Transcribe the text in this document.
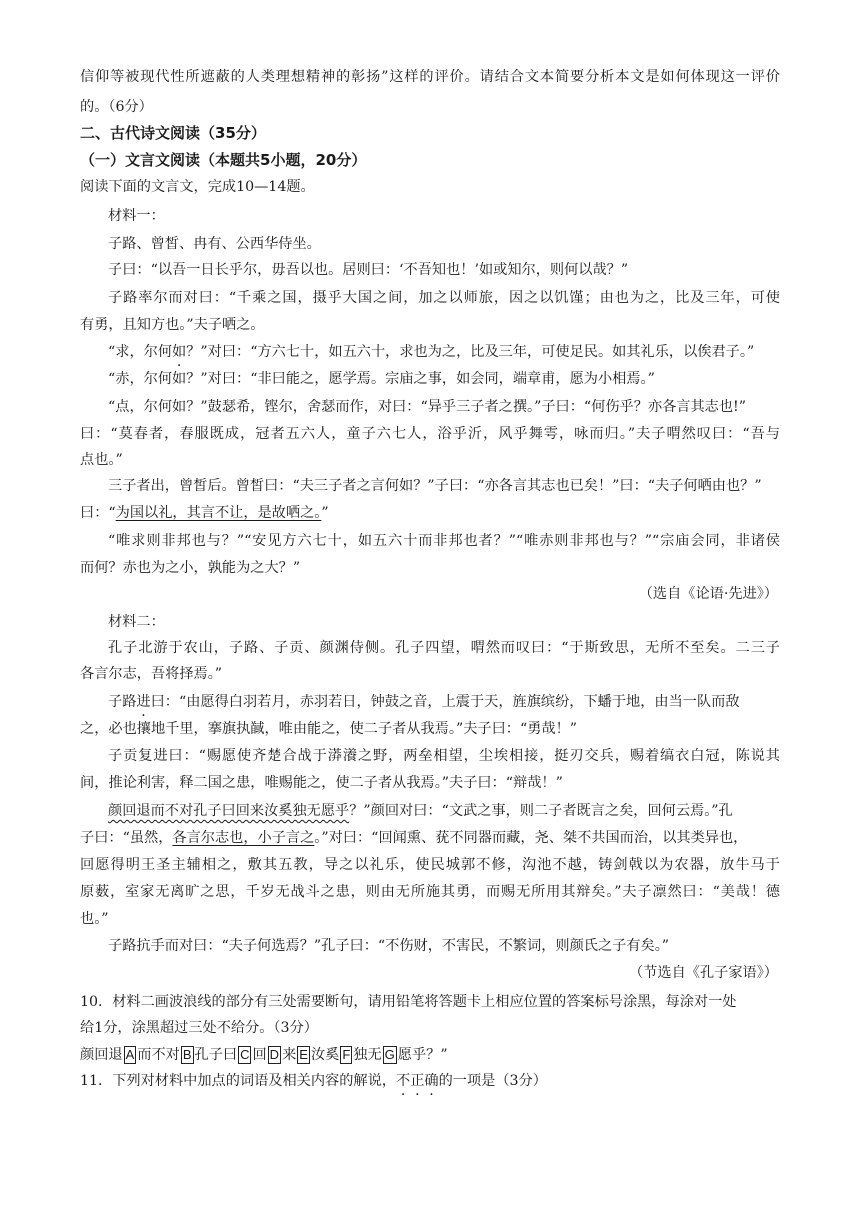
信仰等被现代性所遮蔽的人类理想精神的彰扬”这样的评价。请结合文本简要分析本文是如何体现这一评价
的。（6分）
二、古代诗文阅读（35分）
（一）文言文阅读（本题共5小题，20分）
阅读下面的文言文，完成10—14题。
材料一：
子路、曾皙、冉有、公西华侍坐。
子曰：“以吾一日长乎尔，毋吾以也。居则曰：‘不吾知也！’如或知尔，则何以哉？”
子路率尔而对曰：“千乘之国，摄乎大国之间，加之以师旅，因之以饥馑；由也为之，比及三年，可使
有勇，且知方也。”夫子哂之。
“求，尔何如？”对曰：“方六七十，如五六十，求也为之，比及三年，可使足民。如其礼乐，以俟君子。”
“赤，尔何如？”对曰：“非曰能之，愿学焉。宗庙之事，如会同，端章甫，愿为小相焉。”
“点，尔何如？”鼓瑟希，铿尔，舍瑟而作，对曰：“异乎三子者之撰。”子曰：“何伤乎？亦各言其志也!”
曰：“莫春者，春服既成，冠者五六人，童子六七人，浴乎沂，风乎舞雩，咏而归。”夫子喟然叹曰：“吾与
点也。”
三子者出，曾皙后。曾皙曰：“夫三子者之言何如？”子曰：“亦各言其志也已矣！”曰：“夫子何哂由也？”
曰：“为国以礼，其言不让，是故哂之。”
“唯求则非邦也与？”“安见方六七十，如五六十而非邦也者？”“唯赤则非邦也与？”“宗庙会同，非诸侯
而何？赤也为之小，孰能为之大？”
（选自《论语·先进》）
材料二：
孔子北游于农山，子路、子贡、颜渊侍侧。孔子四望，喟然而叹曰：“于斯致思，无所不至矣。二三子
各言尔志，吾将择焉。”
子路进曰：“由愿得白羽若月，赤羽若日，钟鼓之音，上震于天，旌旗缤纷，下蟠于地，由当一队而敌
之，必也攘地千里，搴旗执馘，唯由能之，使二子者从我焉。”夫子曰：“勇哉！”
子贡复进曰：“赐愿使齐楚合战于漭瀁之野，两垒相望，尘埃相接，挺刃交兵，赐着缟衣白冠，陈说其
间，推论利害，释二国之患，唯赐能之，使二子者从我焉。”夫子曰：“辩哉！”
颜回退而不对孔子曰回来汝奚独无愿乎？”颜回对曰：“文武之事，则二子者既言之矣，回何云焉。”孔
子曰：“虽然，各言尔志也，小子言之。”对曰：“回闻熏、莸不同器而藏，尧、桀不共国而治，以其类异也，
回愿得明王圣主辅相之，敷其五教，导之以礼乐，使民城郭不修，沟池不越，铸剑戟以为农器，放牛马于
原薮，室家无离旷之思，千岁无战斗之患，则由无所施其勇，而赐无所用其辩矣。”夫子凛然曰：“美哉！德
也。”
子路抗手而对曰：“夫子何选焉？”孔子曰：“不伤财，不害民，不繁词，则颜氏之子有矣。”
（节选自《孔子家语》）
10．材料二画波浪线的部分有三处需要断句，请用铅笔将答题卡上相应位置的答案标号涂黑，每涂对一处
给1分，涂黑超过三处不给分。（3分）
颜回退 A 而不对 B 孔子曰 C 回 D 来 E 汝奚 F 独无 G 愿乎？”
11．下列对材料中加点的词语及相关内容的解说，不正确的一项是（3分）
